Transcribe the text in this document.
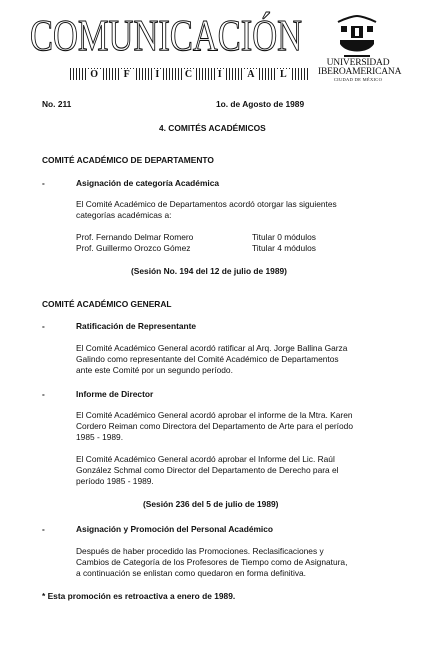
COMUNICACIÓN
O	F	I	C	I	A	L
UNIVERSIDAD
IBEROAMERICANA
CIUDAD DE MÉXICO
No. 211	1o. de Agosto de 1989
4. COMITÉS ACADÉMICOS
COMITÉ ACADÉMICO DE DEPARTAMENTO
-	Asignación de categoría Académica
El Comité Académico de Departamentos acordó otorgar las siguientes
categorías académicas a:
Prof. Fernando Delmar Romero	Titular 0 módulos
Prof. Guillermo Orozco Gómez	Titular 4 módulos
(Sesión No. 194 del 12 de julio de 1989)
COMITÉ ACADÉMICO GENERAL
-	Ratificación de Representante
El Comité Académico General acordó ratificar al Arq. Jorge Ballina Garza
Galindo como representante del Comité Académico de Departamentos
ante este Comité por un segundo período.
-	Informe de Director
El Comité Académico General acordó aprobar el informe de la Mtra. Karen
Cordero Reiman como Directora del Departamento de Arte para el período
1985 - 1989.
El Comité Académico General acordó aprobar el Informe del Lic. Raúl
González Schmal como Director del Departamento de Derecho para el
período 1985 - 1989.
(Sesión 236 del 5 de julio de 1989)
-	Asignación y Promoción del Personal Académico
Después de haber procedido las Promociones. Reclasificaciones y
Cambios de Categoría de los Profesores de Tiempo como de Asignatura,
a continuación se enlistan como quedaron en forma definitiva.
* Esta promoción es retroactiva a enero de 1989.
